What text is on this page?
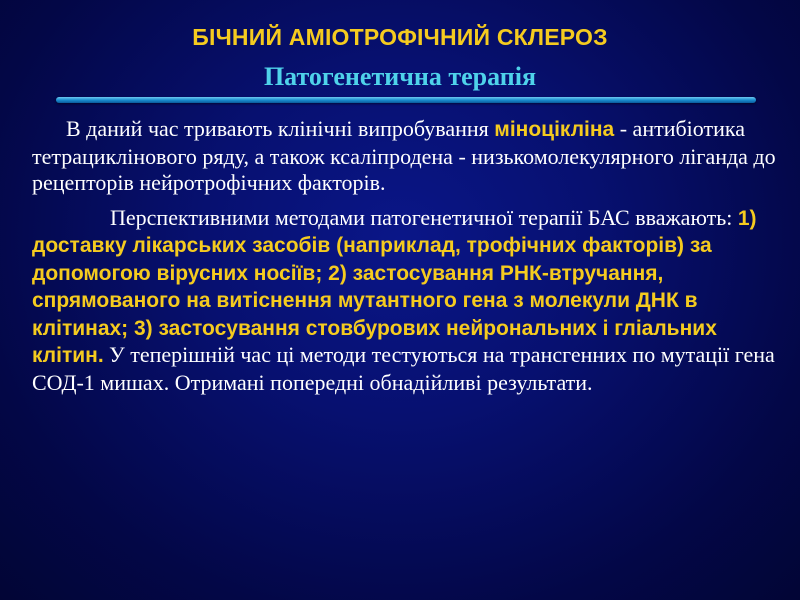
БІЧНИЙ АМІОТРОФІЧНИЙ СКЛЕРОЗ
Патогенетична терапія

В даний час тривають клінічні випробування міноцікліна - антибіотика тетрациклінового ряду, а також ксаліпродена - низькомолекулярного ліганда до рецепторів нейротрофічних факторів.

Перспективними методами патогенетичної терапії БАС вважають: 1) доставку лікарських засобів (наприклад, трофічних факторів) за допомогою вірусних носіїв; 2) застосування РНК-втручання, спрямованого на витіснення мутантного гена з молекули ДНК в клітинах; 3) застосування стовбурових нейрональних і гліальних клітин. У теперішній час ці методи тестуються на трансгенних по мутації гена СОД-1 мишах. Отримані попередні обнадійливі результати.
